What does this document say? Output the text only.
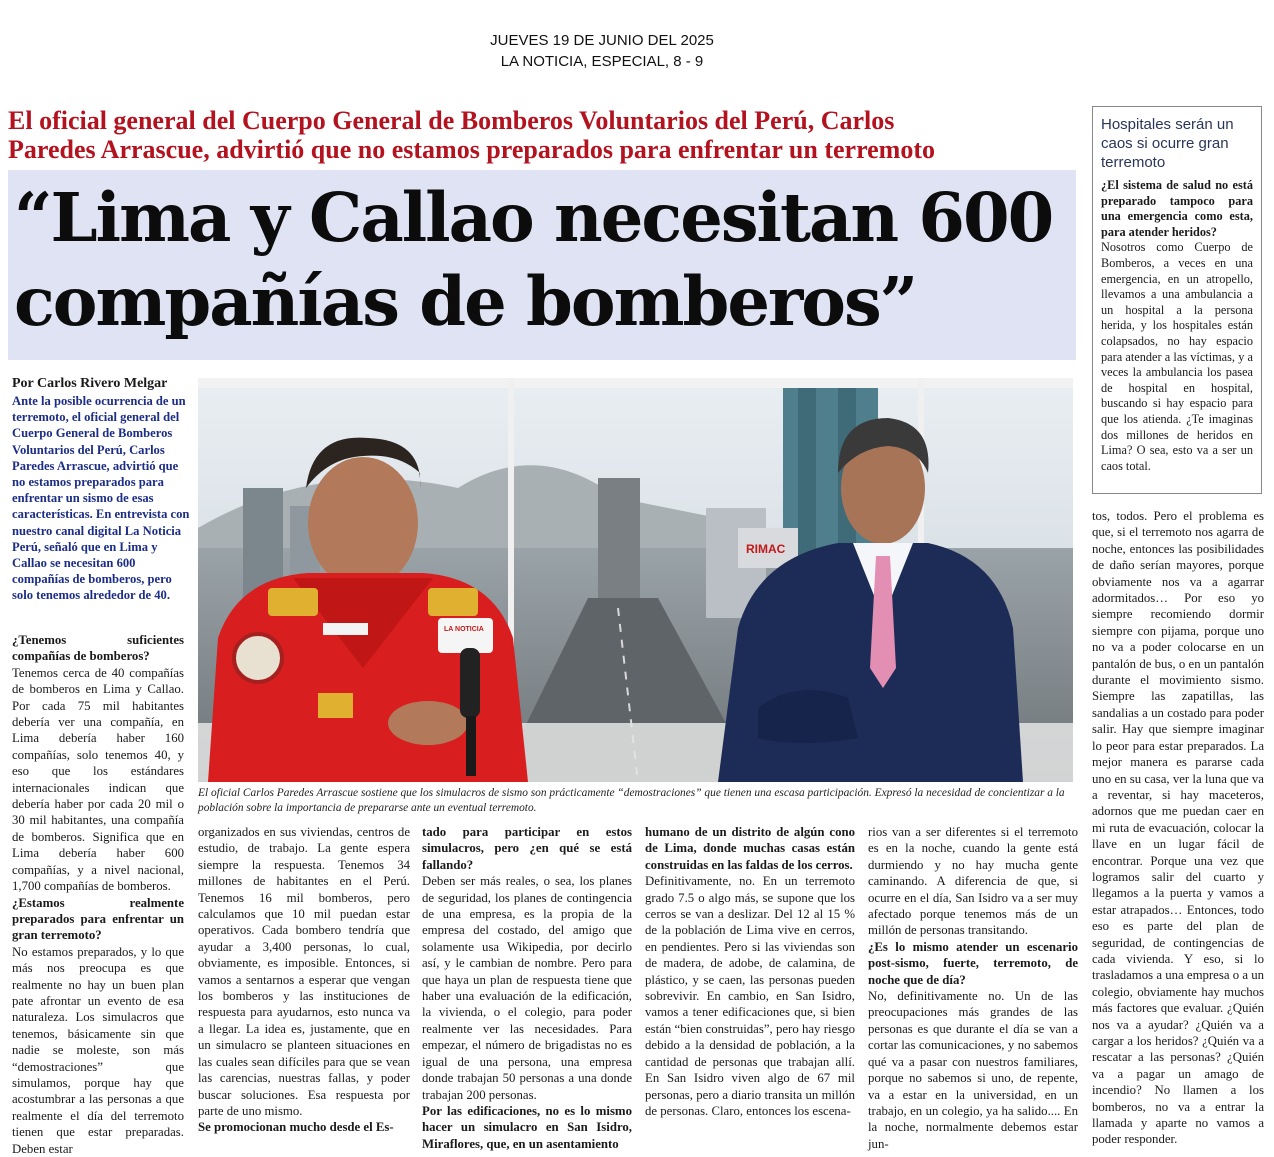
JUEVES 19 DE JUNIO DEL 2025
LA NOTICIA, ESPECIAL, 8 - 9
El oficial general del Cuerpo General de Bomberos Voluntarios del Perú, Carlos
Paredes Arrascue, advirtió que no estamos preparados para enfrentar un terremoto
“Lima y Callao necesitan 600
compañías de bomberos”
Hospitales serán un caos si ocurre gran terremoto

¿El sistema de salud no está preparado tampoco para una emergencia como esta, para atender heridos?

Nosotros como Cuerpo de Bomberos, a veces en una emergencia, en un atropello, llevamos a una ambulancia a un hospital a la persona herida, y los hospitales están colapsados, no hay espacio para atender a las víctimas, y a veces la ambulancia los pasea de hospital en hospital, buscando si hay espacio para que los atienda. ¿Te imaginas dos millones de heridos en Lima? O sea, esto va a ser un caos total.

Por Carlos Rivero Melgar

Ante la posible ocurrencia de un terremoto, el oficial general del Cuerpo General de Bomberos Voluntarios del Perú, Carlos Paredes Arrascue, advirtió que no estamos preparados para enfrentar un sismo de esas características. En entrevista con nuestro canal digital La Noticia Perú, señaló que en Lima y Callao se necesitan 600 compañías de bomberos, pero solo tenemos alrededor de 40.

RIMAC
LA NOTICIA

El oficial Carlos Paredes Arrascue sostiene que los simulacros de sismo son prácticamente “demostraciones” que tienen una escasa participación. Expresó la necesidad de concientizar a la población sobre la importancia de prepararse ante un eventual terremoto.

¿Tenemos suficientes compañías de bomberos?

Tenemos cerca de 40 compañías de bomberos en Lima y Callao. Por cada 75 mil habitantes debería ver una compañía, en Lima debería haber 160 compañías, solo tenemos 40, y eso que los estándares internacionales indican que debería haber por cada 20 mil o 30 mil habitantes, una compañía de bomberos. Significa que en Lima debería haber 600 compañías, y a nivel nacional, 1,700 compañías de bomberos.

¿Estamos realmente preparados para enfrentar un gran terremoto?

No estamos preparados, y lo que más nos preocupa es que realmente no hay un buen plan pate afrontar un evento de esa naturaleza. Los simulacros que tenemos, básicamente sin que nadie se moleste, son más “demostraciones” que simulamos, porque hay que acostumbrar a las personas a que realmente el día del terremoto tienen que estar preparadas. Deben estar

organizados en sus viviendas, centros de estudio, de trabajo. La gente espera siempre la respuesta. Tenemos 34 millones de habitantes en el Perú. Tenemos 16 mil bomberos, pero calculamos que 10 mil puedan estar operativos. Cada bombero tendría que ayudar a 3,400 personas, lo cual, obviamente, es imposible. Entonces, si vamos a sentarnos a esperar que vengan los bomberos y las instituciones de respuesta para ayudarnos, esto nunca va a llegar. La idea es, justamente, que en un simulacro se planteen situaciones en las cuales sean difíciles para que se vean las carencias, nuestras fallas, y poder buscar soluciones. Esa respuesta por parte de uno mismo.

Se promocionan mucho desde el Es-

tado para participar en estos simulacros, pero ¿en qué se está fallando?

Deben ser más reales, o sea, los planes de seguridad, los planes de contingencia de una empresa, es la propia de la empresa del costado, del amigo que solamente usa Wikipedia, por decirlo así, y le cambian de nombre. Pero para que haya un plan de respuesta tiene que haber una evaluación de la edificación, la vivienda, o el colegio, para poder realmente ver las necesidades. Para empezar, el número de brigadistas no es igual de una persona, una empresa donde trabajan 50 personas a una donde trabajan 200 personas.

Por las edificaciones, no es lo mismo hacer un simulacro en San Isidro, Miraflores, que, en un asentamiento

humano de un distrito de algún cono de Lima, donde muchas casas están construidas en las faldas de los cerros.

Definitivamente, no. En un terremoto grado 7.5 o algo más, se supone que los cerros se van a deslizar. Del 12 al 15 % de la población de Lima vive en cerros, en pendientes. Pero si las viviendas son de madera, de adobe, de calamina, de plástico, y se caen, las personas pueden sobrevivir. En cambio, en San Isidro, vamos a tener edificaciones que, si bien están “bien construidas”, pero hay riesgo debido a la densidad de población, a la cantidad de personas que trabajan allí. En San Isidro viven algo de 67 mil personas, pero a diario transita un millón de personas. Claro, entonces los escena-

rios van a ser diferentes si el terremoto es en la noche, cuando la gente está durmiendo y no hay mucha gente caminando. A diferencia de que, si ocurre en el día, San Isidro va a ser muy afectado porque tenemos más de un millón de personas transitando.

¿Es lo mismo atender un escenario post-sismo, fuerte, terremoto, de noche que de día?

No, definitivamente no. Un de las preocupaciones más grandes de las personas es que durante el día se van a cortar las comunicaciones, y no sabemos qué va a pasar con nuestros familiares, porque no sabemos si uno, de repente, va a estar en la universidad, en un trabajo, en un colegio, ya ha salido.... En la noche, normalmente debemos estar jun-

tos, todos. Pero el problema es que, si el terremoto nos agarra de noche, entonces las posibilidades de daño serían mayores, porque obviamente nos va a agarrar adormitados… Por eso yo siempre recomiendo dormir siempre con pijama, porque uno no va a poder colocarse en un pantalón de bus, o en un pantalón durante el movimiento sismo. Siempre las zapatillas, las sandalias a un costado para poder salir. Hay que siempre imaginar lo peor para estar preparados. La mejor manera es pararse cada uno en su casa, ver la luna que va a reventar, si hay maceteros, adornos que me puedan caer en mi ruta de evacuación, colocar la llave en un lugar fácil de encontrar. Porque una vez que logramos salir del cuarto y llegamos a la puerta y vamos a estar atrapados… Entonces, todo eso es parte del plan de seguridad, de contingencias de cada vivienda. Y eso, si lo trasladamos a una empresa o a un colegio, obviamente hay muchos más factores que evaluar. ¿Quién nos va a ayudar? ¿Quién va a cargar a los heridos? ¿Quién va a rescatar a las personas? ¿Quién va a pagar un amago de incendio? No llamen a los bomberos, no va a entrar la llamada y aparte no vamos a poder responder.
